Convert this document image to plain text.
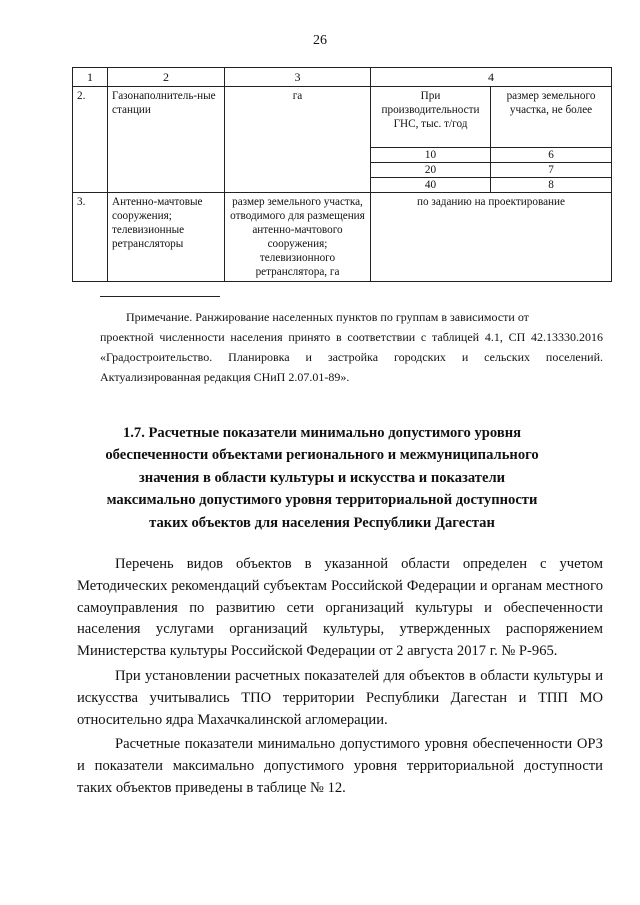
26
1	2	3	4	
2.	Газонаполнитель-ные станции	га	При производительности ГНС, тыс. т/год	размер земельного участка, не более
			10	6
			20	7
			40	8
3.	Антенно-мачтовые сооружения; телевизионные ретрансляторы	размер земельного участка, отводимого для размещения антенно-мачтового сооружения; телевизионного ретранслятора, га	по заданию на проектирование	

Примечание. Ранжирование населенных пунктов по группам в зависимости от

проектной численности населения принято в соответствии с таблицей 4.1, СП 42.13330.2016 «Градостроительство. Планировка и застройка городских и сельских поселений. Актуализированная редакция СНиП 2.07.01-89».

1.7. Расчетные показатели минимально допустимого уровня обеспеченности объектами регионального и межмуниципального значения в области культуры и искусства и показатели максимально допустимого уровня территориальной доступности таких объектов для населения Республики Дагестан

Перечень видов объектов в указанной области определен с учетом Методических рекомендаций субъектам Российской Федерации и органам местного самоуправления по развитию сети организаций культуры и обеспеченности населения услугами организаций культуры, утвержденных распоряжением Министерства культуры Российской Федерации от 2 августа 2017 г. № Р-965.

При установлении расчетных показателей для объектов в области культуры и искусства учитывались ТПО территории Республики Дагестан и ТПП МО относительно ядра Махачкалинской агломерации.

Расчетные показатели минимально допустимого уровня обеспеченности ОРЗ и показатели максимально допустимого уровня территориальной доступности таких объектов приведены в таблице № 12.
